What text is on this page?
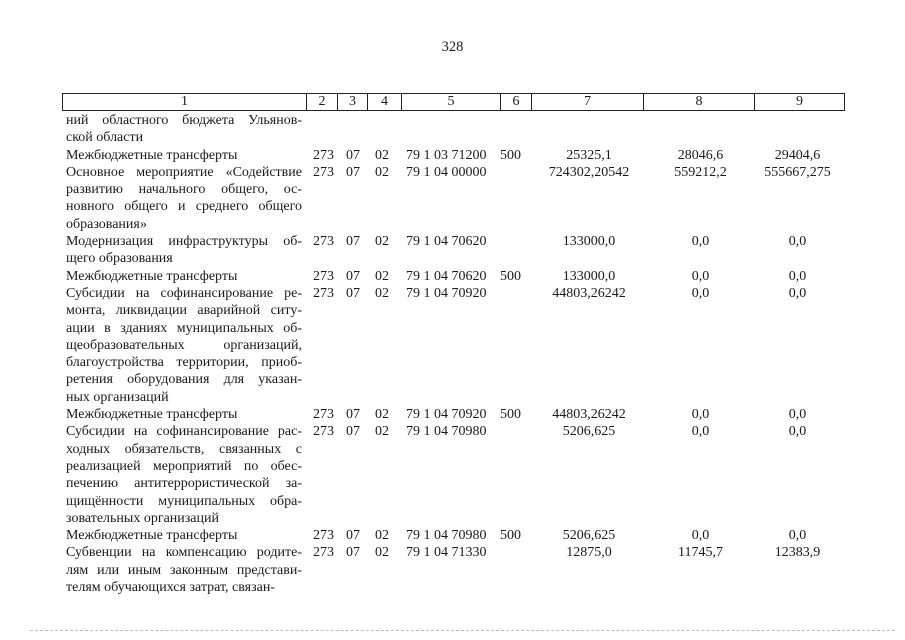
328
1	2	3	4	5	6	7	8	9
ний областного бюджета Ульянов-
ской области
Межбюджетные трансферты	273 07	02	79 1 03 71200 500	25325,1	28046,6	29404,6
Основное мероприятие «Содействие
развитию начального общего, ос-
новного общего и среднего общего
образования»
273 07	02	79 1 04 00000	724302,20542	559212,2	555667,275
Модернизация инфраструктуры об-
щего образования
273 07	02	79 1 04 70620	133000,0	0,0	0,0
Межбюджетные трансферты	273 07	02	79 1 04 70620 500	133000,0	0,0	0,0
Субсидии на софинансирование ре-
монта, ликвидации аварийной ситу-
ации в зданиях муниципальных об-
щеобразовательных организаций,
благоустройства территории, приоб-
ретения оборудования для указан-
ных организаций
273 07	02	79 1 04 70920	44803,26242	0,0	0,0
Межбюджетные трансферты	273 07	02	79 1 04 70920 500	44803,26242	0,0	0,0
Субсидии на софинансирование рас-
ходных обязательств, связанных с
реализацией мероприятий по обес-
печению антитеррористической за-
щищённости муниципальных обра-
зовательных организаций
273 07	02	79 1 04 70980	5206,625	0,0	0,0
Межбюджетные трансферты	273 07	02	79 1 04 70980 500	5206,625	0,0	0,0
Субвенции на компенсацию родите-
лям или иным законным представи-
телям обучающихся затрат, связан-
273 07	02	79 1 04 71330	12875,0	11745,7	12383,9
